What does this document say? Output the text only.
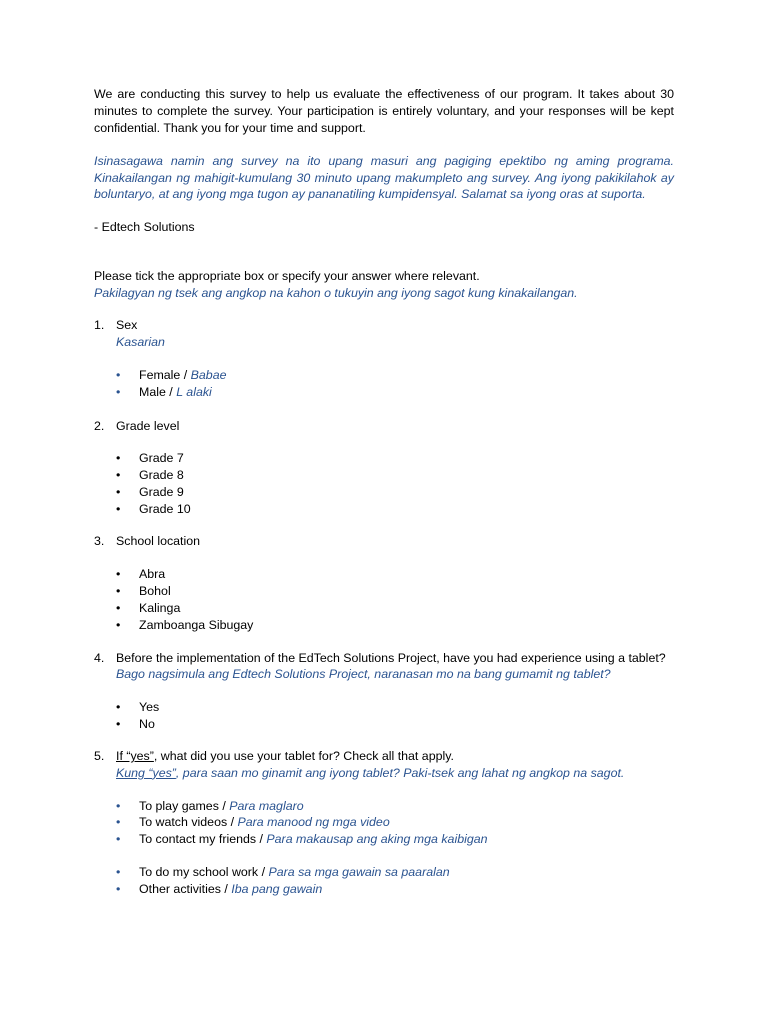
We are conducting this survey to help us evaluate the effectiveness of our program. It takes about 30 minutes to complete the survey. Your participation is entirely voluntary, and your responses will be kept confidential. Thank you for your time and support.

Isinasagawa namin ang survey na ito upang masuri ang pagiging epektibo ng aming programa. Kinakailangan ng mahigit-kumulang 30 minuto upang makumpleto ang survey. Ang iyong pakikilahok ay boluntaryo, at ang iyong mga tugon ay pananatiling kumpidensyal. Salamat sa iyong oras at suporta.

- Edtech Solutions

Please tick the appropriate box or specify your answer where relevant.

Pakilagyan ng tsek ang angkop na kahon o tukuyin ang iyong sagot kung kinakailangan.

1. Sex
Kasarian
• Female / Babae
• Male / L alaki
2. Grade level
• Grade 7
• Grade 8
• Grade 9
• Grade 10
3. School location
• Abra
• Bohol
• Kalinga
• Zamboanga Sibugay
4. Before the implementation of the EdTech Solutions Project, have you had experience using a tablet?
Bago nagsimula ang Edtech Solutions Project, naranasan mo na bang gumamit ng tablet?
• Yes
• No
5. If “yes”, what did you use your tablet for? Check all that apply.
Kung “yes”, para saan mo ginamit ang iyong tablet? Paki-tsek ang lahat ng angkop na sagot.
• To play games / Para maglaro
• To watch videos / Para manood ng mga video
• To contact my friends / Para makausap ang aking mga kaibigan
• To do my school work / Para sa mga gawain sa paaralan
• Other activities / Iba pang gawain
